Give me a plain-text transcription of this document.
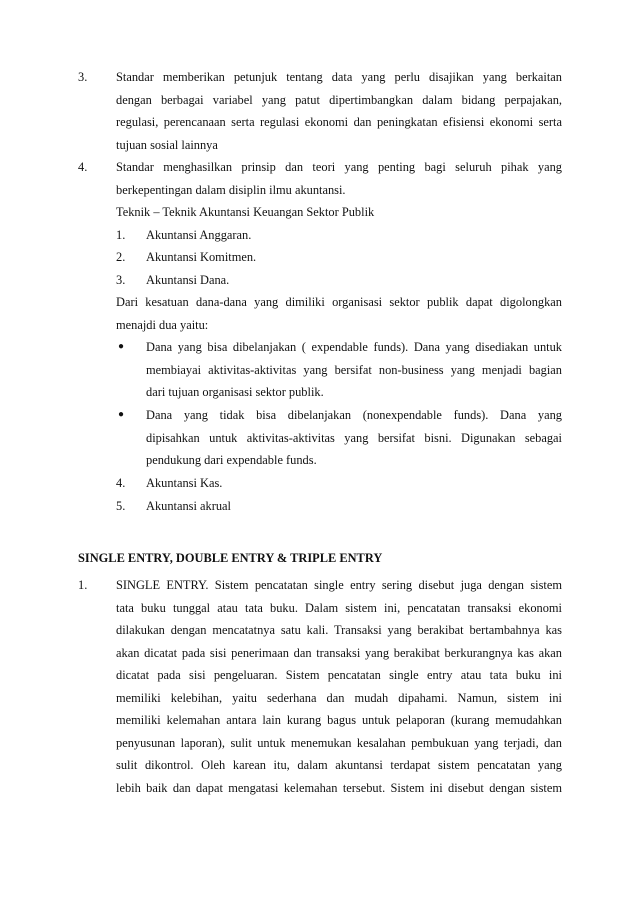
3. Standar memberikan petunjuk tentang data yang perlu disajikan yang berkaitan
dengan berbagai variabel yang patut dipertimbangkan dalam bidang perpajakan,
regulasi, perencanaan serta regulasi ekonomi dan peningkatan efisiensi ekonomi serta
tujuan sosial lainnya
4. Standar menghasilkan prinsip dan teori yang penting bagi seluruh pihak yang
berkepentingan dalam disiplin ilmu akuntansi.
Teknik – Teknik Akuntansi Keuangan Sektor Publik
1. Akuntansi Anggaran.
2. Akuntansi Komitmen.
3. Akuntansi Dana.
Dari kesatuan dana-dana yang dimiliki organisasi sektor publik dapat digolongkan
menajdi dua yaitu:
● Dana yang bisa dibelanjakan ( expendable funds). Dana yang disediakan untuk
membiayai aktivitas-aktivitas yang bersifat non-business yang menjadi bagian
dari tujuan organisasi sektor publik.
● Dana yang tidak bisa dibelanjakan (nonexpendable funds). Dana yang
dipisahkan untuk aktivitas-aktivitas yang bersifat bisni. Digunakan sebagai
pendukung dari expendable funds.
4. Akuntansi Kas.
5. Akuntansi akrual
SINGLE ENTRY, DOUBLE ENTRY & TRIPLE ENTRY
1. SINGLE ENTRY. Sistem pencatatan single entry sering disebut juga dengan sistem
tata buku tunggal atau tata buku. Dalam sistem ini, pencatatan transaksi ekonomi
dilakukan dengan mencatatnya satu kali. Transaksi yang berakibat bertambahnya kas
akan dicatat pada sisi penerimaan dan transaksi yang berakibat berkurangnya kas akan
dicatat pada sisi pengeluaran. Sistem pencatatan single entry atau tata buku ini
memiliki kelebihan, yaitu sederhana dan mudah dipahami. Namun, sistem ini
memiliki kelemahan antara lain kurang bagus untuk pelaporan (kurang memudahkan
penyusunan laporan), sulit untuk menemukan kesalahan pembukuan yang terjadi, dan
sulit dikontrol. Oleh karean itu, dalam akuntansi terdapat sistem pencatatan yang
lebih baik dan dapat mengatasi kelemahan tersebut. Sistem ini disebut dengan sistem
